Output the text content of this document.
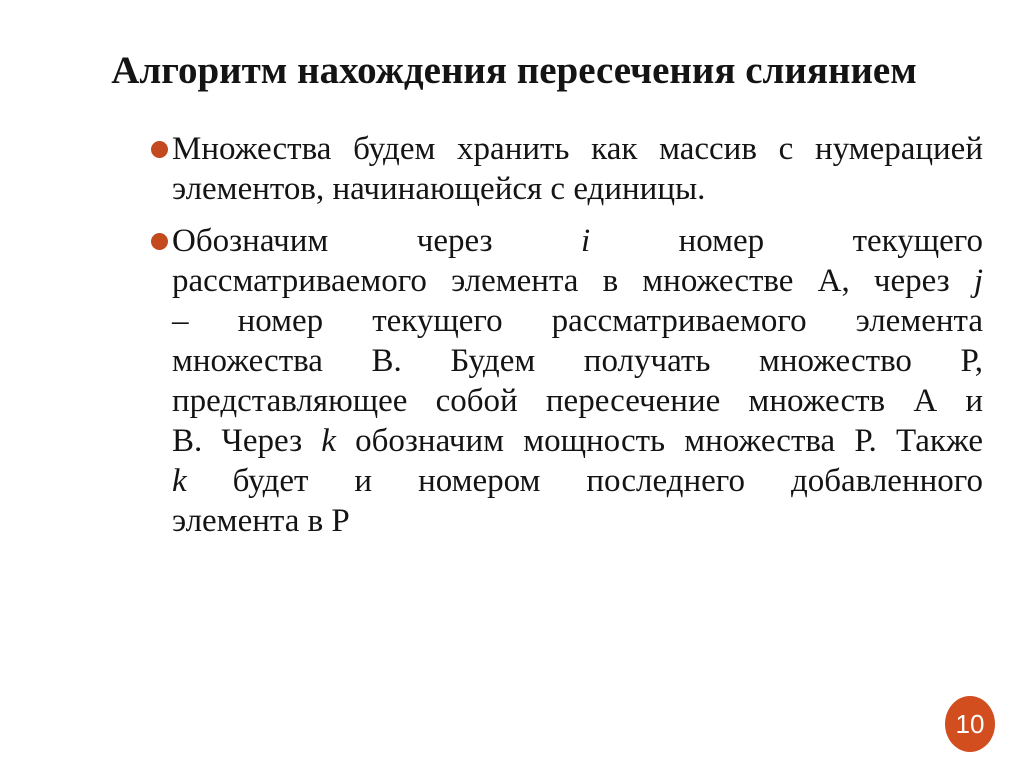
Алгоритм нахождения пересечения слиянием
Множества будем хранить как массив с нумерацией
элементов, начинающейся с единицы.
Обозначим через i номер текущего
рассматриваемого элемента в множестве А, через j
– номер текущего рассматриваемого элемента
множества В. Будем получать множество Р,
представляющее собой пересечение множеств А и
В. Через k обозначим мощность множества Р. Также
k будет и номером последнего добавленного
элемента в Р
10
